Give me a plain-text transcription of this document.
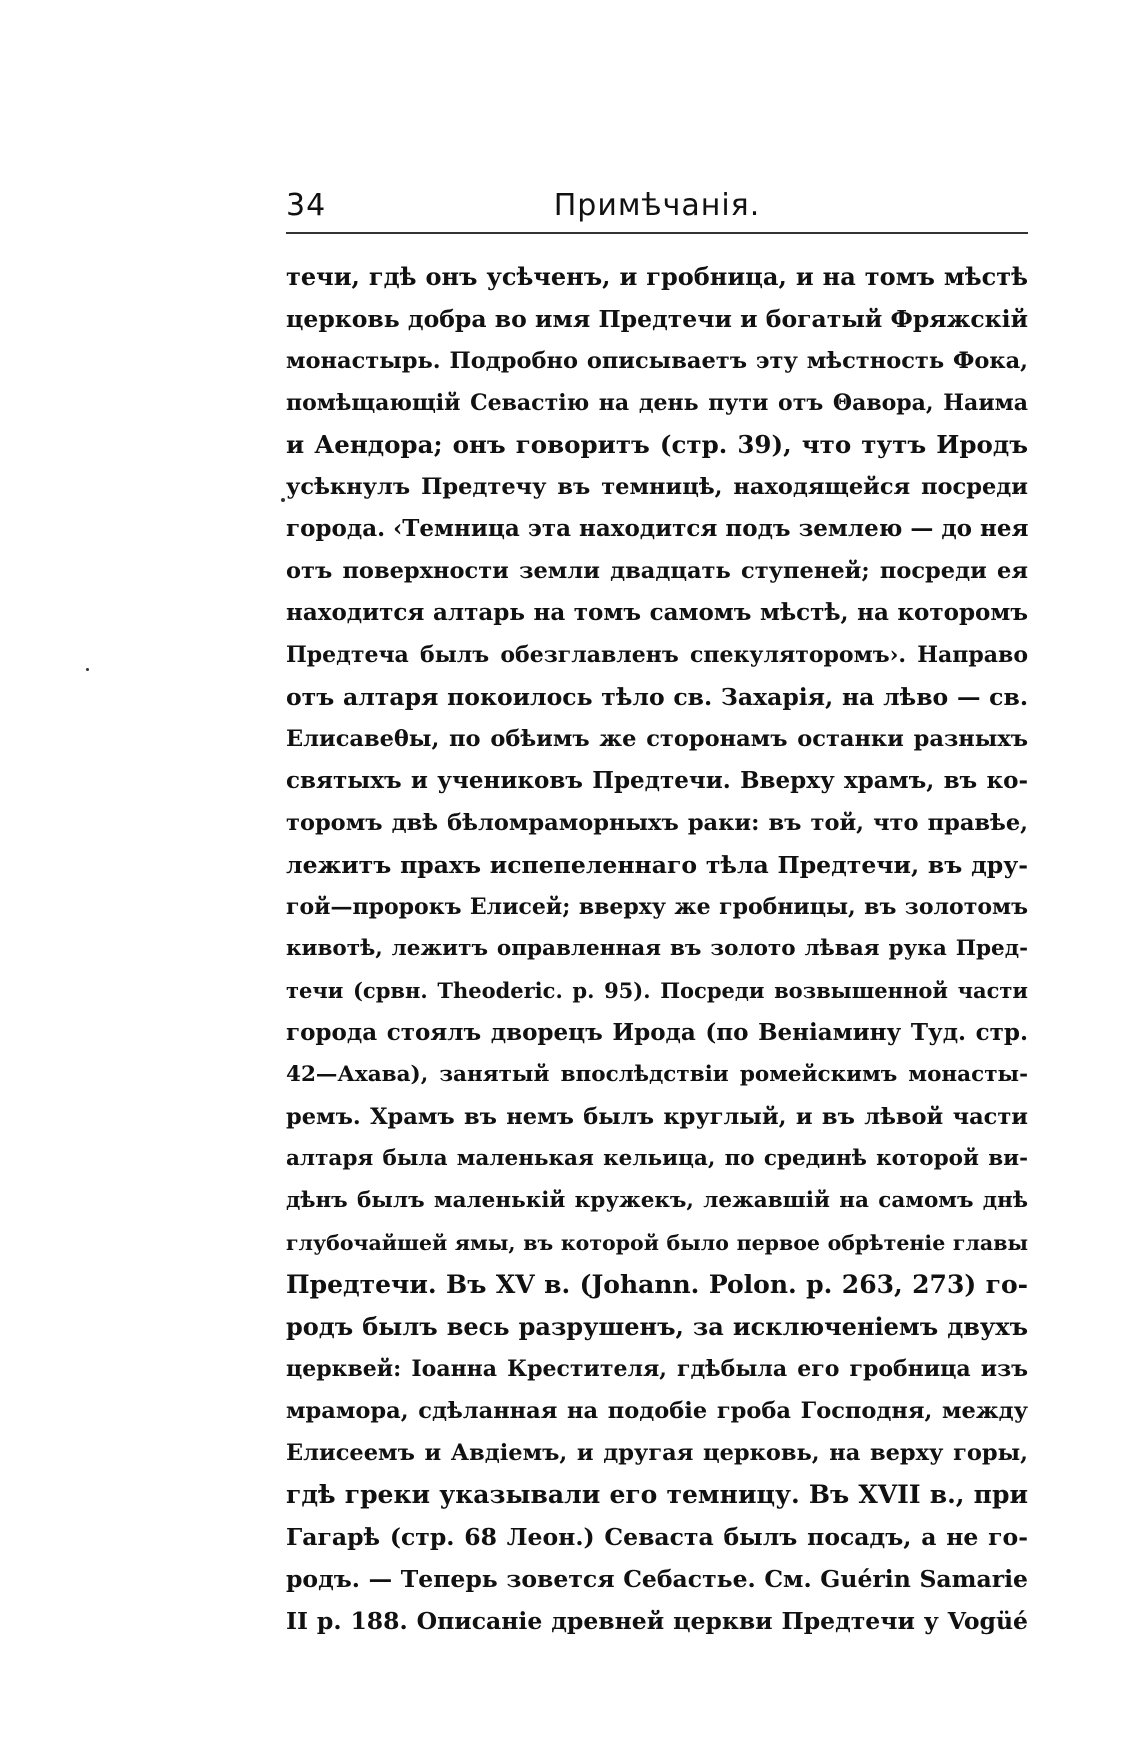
34	Примѣчанія.
течи, гдѣ онъ усѣченъ, и гробница, и на томъ мѣстѣ
церковь добра во имя Предтечи и богатый Фряжскій
монастырь. Подробно описываетъ эту мѣстность Фока,
помѣщающій Севастію на день пути отъ Θавора, Наима
и Аендора; онъ говоритъ (стр. 39), что тутъ Иродъ
усѣкнулъ Предтечу въ темницѣ, находящейся посреди
города. ‹Темница эта находится подъ землею — до нея
отъ поверхности земли двадцать ступеней; посреди ея
находится алтарь на томъ самомъ мѣстѣ, на которомъ
Предтеча былъ обезглавленъ спекуляторомъ›. Направо
отъ алтаря покоилось тѣло св. Захарія, на лѣво — св.
Елисавеθы, по обѣимъ же сторонамъ останки разныхъ
святыхъ и учениковъ Предтечи. Вверху храмъ, въ ко-
торомъ двѣ бѣломраморныхъ раки: въ той, что правѣе,
лежитъ прахъ испепеленнаго тѣла Предтечи, въ дру-
гой—пророкъ Елисей; вверху же гробницы, въ золотомъ
кивотѣ, лежитъ оправленная въ золото лѣвая рука Пред-
течи (срвн. Theoderic. p. 95). Посреди возвышенной части
города стоялъ дворецъ Ирода (по Веніамину Туд. стр.
42—Ахава), занятый впослѣдствіи ромейскимъ монасты-
ремъ. Храмъ въ немъ былъ круглый, и въ лѣвой части
алтаря была маленькая кельица, по срединѣ которой ви-
дѣнъ былъ маленькій кружекъ, лежавшій на самомъ днѣ
глубочайшей ямы, въ которой было первое обрѣтеніе главы
Предтечи. Въ XV в. (Johann. Polon. p. 263, 273) го-
родъ былъ весь разрушенъ, за исключеніемъ двухъ
церквей: Іоанна Крестителя, гдѣбыла его гробница изъ
мрамора, сдѣланная на подобіе гроба Господня, между
Елисеемъ и Авдіемъ, и другая церковь, на верху горы,
гдѣ греки указывали его темницу. Въ XVII в., при
Гагарѣ (стр. 68 Леон.) Севаста былъ посадъ, а не го-
родъ. — Теперь зовется Себастье. См. Guérin Samarie
II p. 188. Описаніе древней церкви Предтечи у Vogüé
